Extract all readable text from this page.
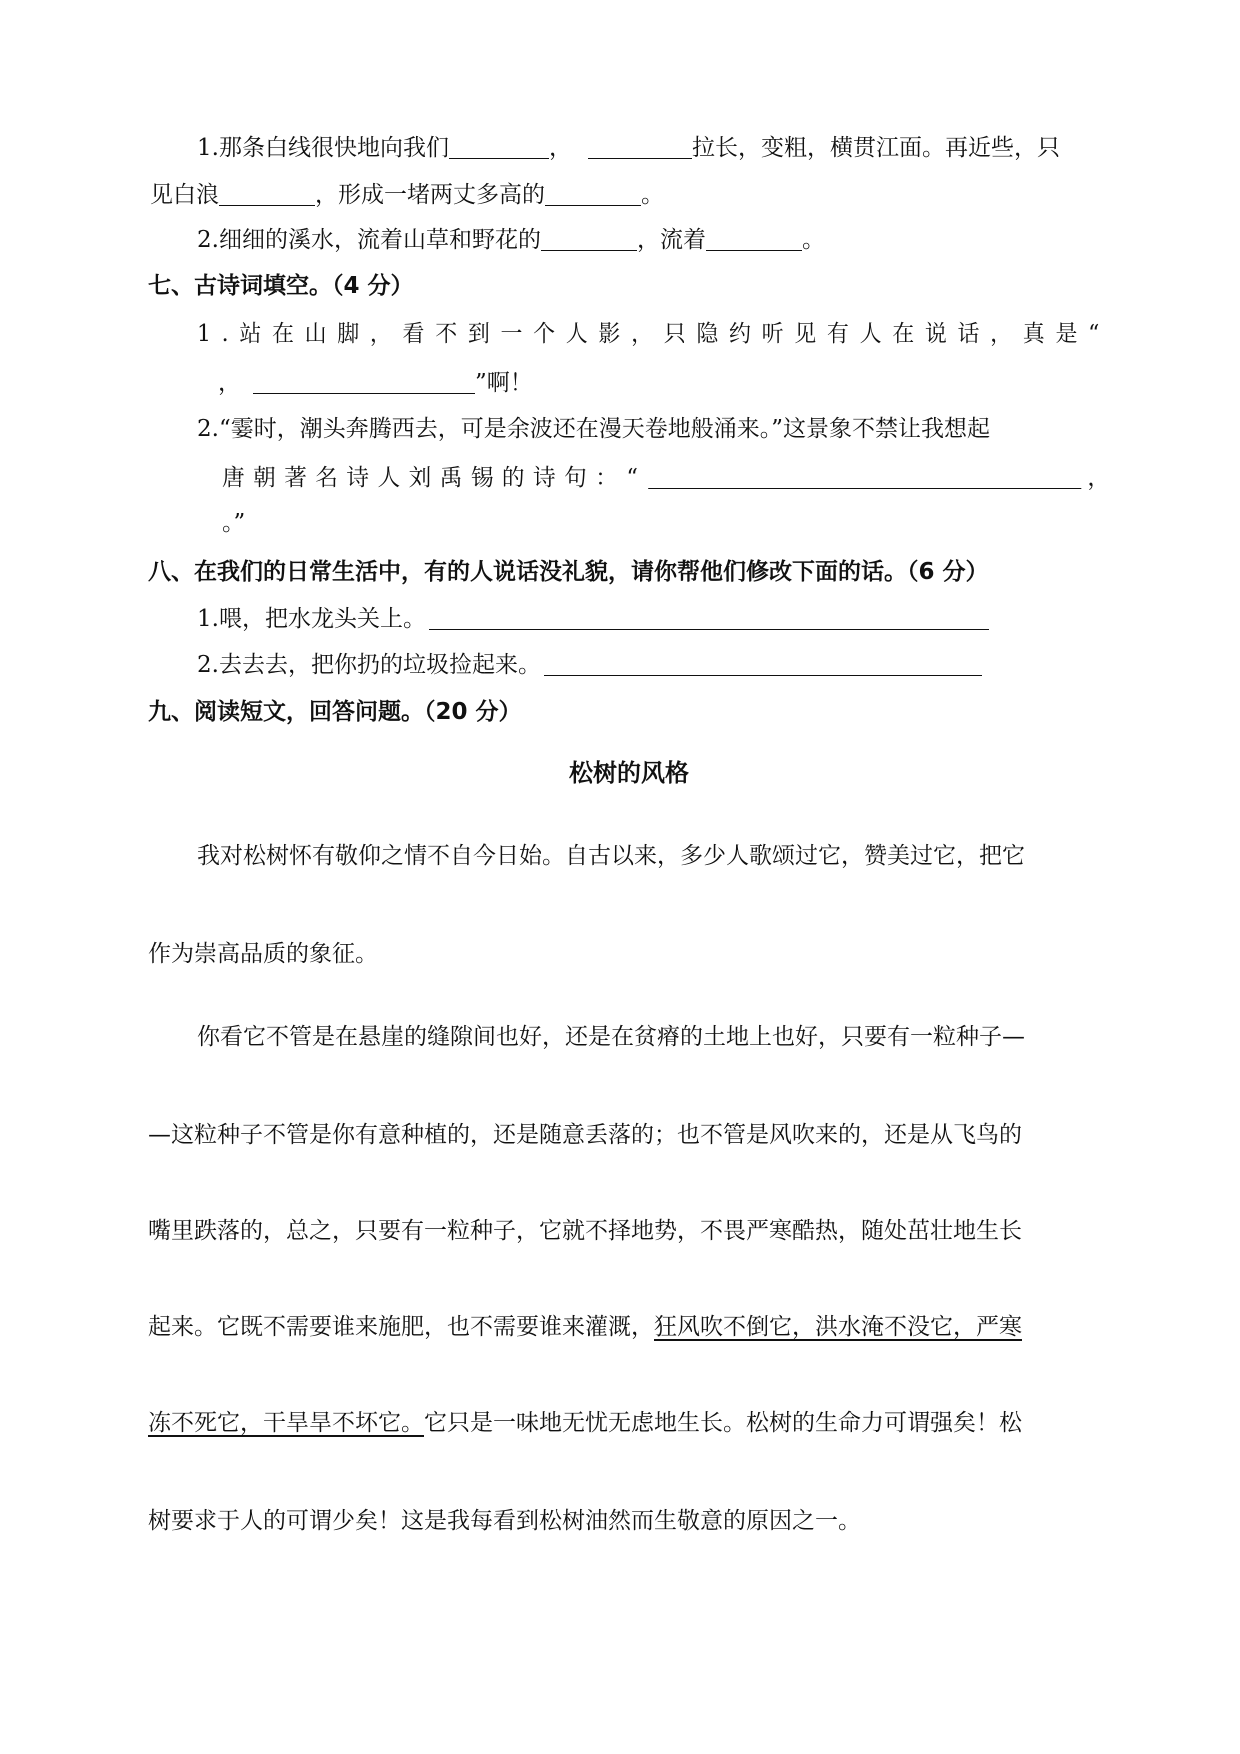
1.那条白线很快地向我们	，	拉长，变粗，横贯江面。再近些，只
见白浪	，形成一堵两丈多高的	。
2.细细的溪水，流着山草和野花的	，流着	。
七、古诗词填空。（4 分）
1.站在山脚，看不到一个人影，只隐约听见有人在说话，真是“
，	”啊！
2.“霎时，潮头奔腾西去，可是余波还在漫天卷地般涌来。”这景象不禁让我想起
唐朝著名诗人刘禹锡的诗句：“	，
。”
八、在我们的日常生活中，有的人说话没礼貌，请你帮他们修改下面的话。（6 分）
1.喂，把水龙头关上。
2.去去去，把你扔的垃圾捡起来。
九、阅读短文，回答问题。（20 分）
松树的风格
我对松树怀有敬仰之情不自今日始。自古以来，多少人歌颂过它，赞美过它，把它
作为崇高品质的象征。
你看它不管是在悬崖的缝隙间也好，还是在贫瘠的土地上也好，只要有一粒种子—
—这粒种子不管是你有意种植的，还是随意丢落的；也不管是风吹来的，还是从飞鸟的
嘴里跌落的，总之，只要有一粒种子，它就不择地势，不畏严寒酷热，随处茁壮地生长
起来。它既不需要谁来施肥，也不需要谁来灌溉，狂风吹不倒它，洪水淹不没它，严寒
冻不死它，干旱旱不坏它。它只是一味地无忧无虑地生长。松树的生命力可谓强矣！松
树要求于人的可谓少矣！这是我每看到松树油然而生敬意的原因之一。
